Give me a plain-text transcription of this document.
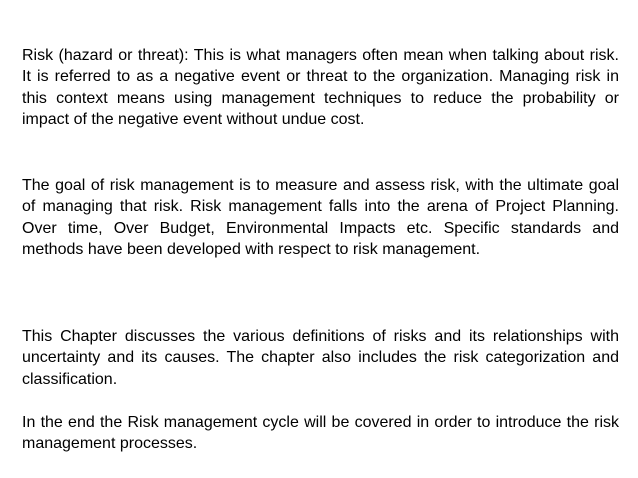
Risk (hazard or threat): This is what managers often mean when talking about risk. It is referred to as a negative event or threat to the organization. Managing risk in this context means using management techniques to reduce the probability or impact of the negative event without undue cost.

The goal of risk management is to measure and assess risk, with the ultimate goal of managing that risk. Risk management falls into the arena of Project Planning. Over time, Over Budget, Environmental Impacts etc. Specific standards and methods have been developed with respect to risk management.

This Chapter discusses the various definitions of risks and its relationships with uncertainty and its causes. The chapter also includes the risk categorization and classification.

In the end the Risk management cycle will be covered in order to introduce the risk management processes.
